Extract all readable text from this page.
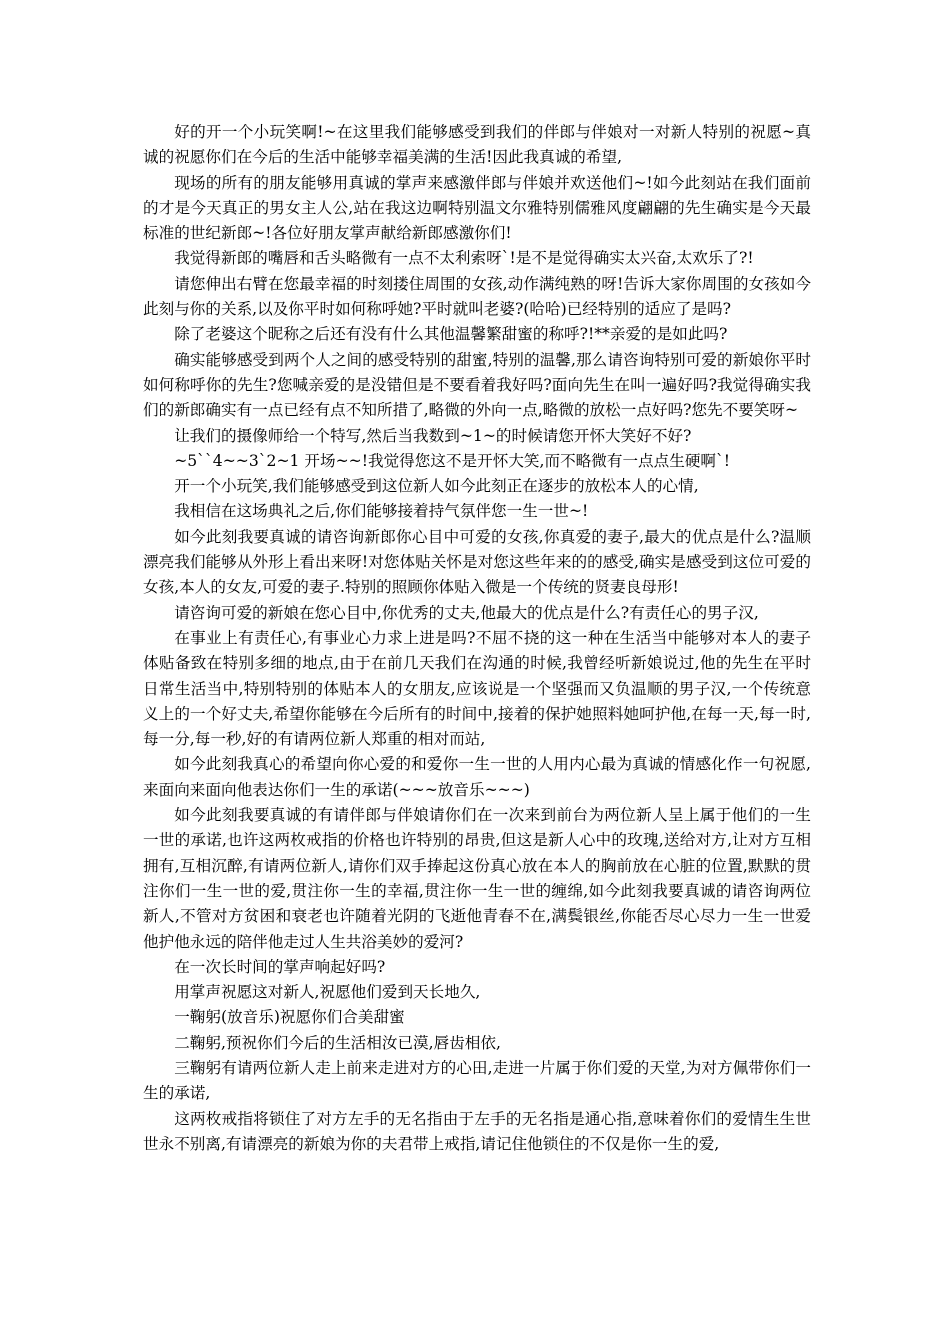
好的开一个小玩笑啊!~在这里我们能够感受到我们的伴郎与伴娘对一对新人特别的祝愿~真诚的祝愿你们在今后的生活中能够幸福美满的生活!因此我真诚的希望,

现场的所有的朋友能够用真诚的掌声来感激伴郎与伴娘并欢送他们~!如今此刻站在我们面前的才是今天真正的男女主人公,站在我这边啊特别温文尔雅特别儒雅风度翩翩的先生确实是今天最标准的世纪新郎~!各位好朋友掌声献给新郎感激你们!

我觉得新郎的嘴唇和舌头略微有一点不太利索呀`!是不是觉得确实太兴奋,太欢乐了?!

请您伸出右臂在您最幸福的时刻搂住周围的女孩,动作满纯熟的呀!告诉大家你周围的女孩如今此刻与你的关系,以及你平时如何称呼她?平时就叫老婆?(哈哈)已经特别的适应了是吗?

除了老婆这个昵称之后还有没有什么其他温馨繁甜蜜的称呼?!**亲爱的是如此吗?

确实能够感受到两个人之间的感受特别的甜蜜,特别的温馨,那么请咨询特别可爱的新娘你平时如何称呼你的先生?您喊亲爱的是没错但是不要看着我好吗?面向先生在叫一遍好吗?我觉得确实我们的新郎确实有一点已经有点不知所措了,略微的外向一点,略微的放松一点好吗?您先不要笑呀~

让我们的摄像师给一个特写,然后当我数到~1~的时候请您开怀大笑好不好?

~5``4~~3`2~1 开场~~!我觉得您这不是开怀大笑,而不略微有一点点生硬啊`!

开一个小玩笑,我们能够感受到这位新人如今此刻正在逐步的放松本人的心情,

我相信在这场典礼之后,你们能够接着持气氛伴您一生一世~!

如今此刻我要真诚的请咨询新郎你心目中可爱的女孩,你真爱的妻子,最大的优点是什么?温顺漂亮我们能够从外形上看出来呀!对您体贴关怀是对您这些年来的的感受,确实是感受到这位可爱的女孩,本人的女友,可爱的妻子.特别的照顾你体贴入微是一个传统的贤妻良母形!

请咨询可爱的新娘在您心目中,你优秀的丈夫,他最大的优点是什么?有责任心的男子汉,

在事业上有责任心,有事业心力求上进是吗?不屈不挠的这一种在生活当中能够对本人的妻子体贴备致在特别多细的地点,由于在前几天我们在沟通的时候,我曾经听新娘说过,他的先生在平时日常生活当中,特别特别的体贴本人的女朋友,应该说是一个坚强而又负温顺的男子汉,一个传统意义上的一个好丈夫,希望你能够在今后所有的时间中,接着的保护她照料她呵护他,在每一天,每一时,每一分,每一秒,好的有请两位新人郑重的相对而站,

如今此刻我真心的希望向你心爱的和爱你一生一世的人用内心最为真诚的情感化作一句祝愿,来面向来面向他表达你们一生的承诺(~~~放音乐~~~)

如今此刻我要真诚的有请伴郎与伴娘请你们在一次来到前台为两位新人呈上属于他们的一生一世的承诺,也许这两枚戒指的价格也许特别的昂贵,但这是新人心中的玫瑰,送给对方,让对方互相拥有,互相沉醉,有请两位新人,请你们双手捧起这份真心放在本人的胸前放在心脏的位置,默默的贯注你们一生一世的爱,贯注你一生的幸福,贯注你一生一世的缠绵,如今此刻我要真诚的请咨询两位新人,不管对方贫困和衰老也许随着光阴的飞逝他青春不在,满鬓银丝,你能否尽心尽力一生一世爱他护他永远的陪伴他走过人生共浴美妙的爱河?

在一次长时间的掌声响起好吗?

用掌声祝愿这对新人,祝愿他们爱到天长地久,

一鞠躬(放音乐)祝愿你们合美甜蜜

二鞠躬,预祝你们今后的生活相汝已漠,唇齿相依,

三鞠躬有请两位新人走上前来走进对方的心田,走进一片属于你们爱的天堂,为对方佩带你们一生的承诺,

这两枚戒指将锁住了对方左手的无名指由于左手的无名指是通心指,意味着你们的爱情生生世世永不别离,有请漂亮的新娘为你的夫君带上戒指,请记住他锁住的不仅是你一生的爱,
